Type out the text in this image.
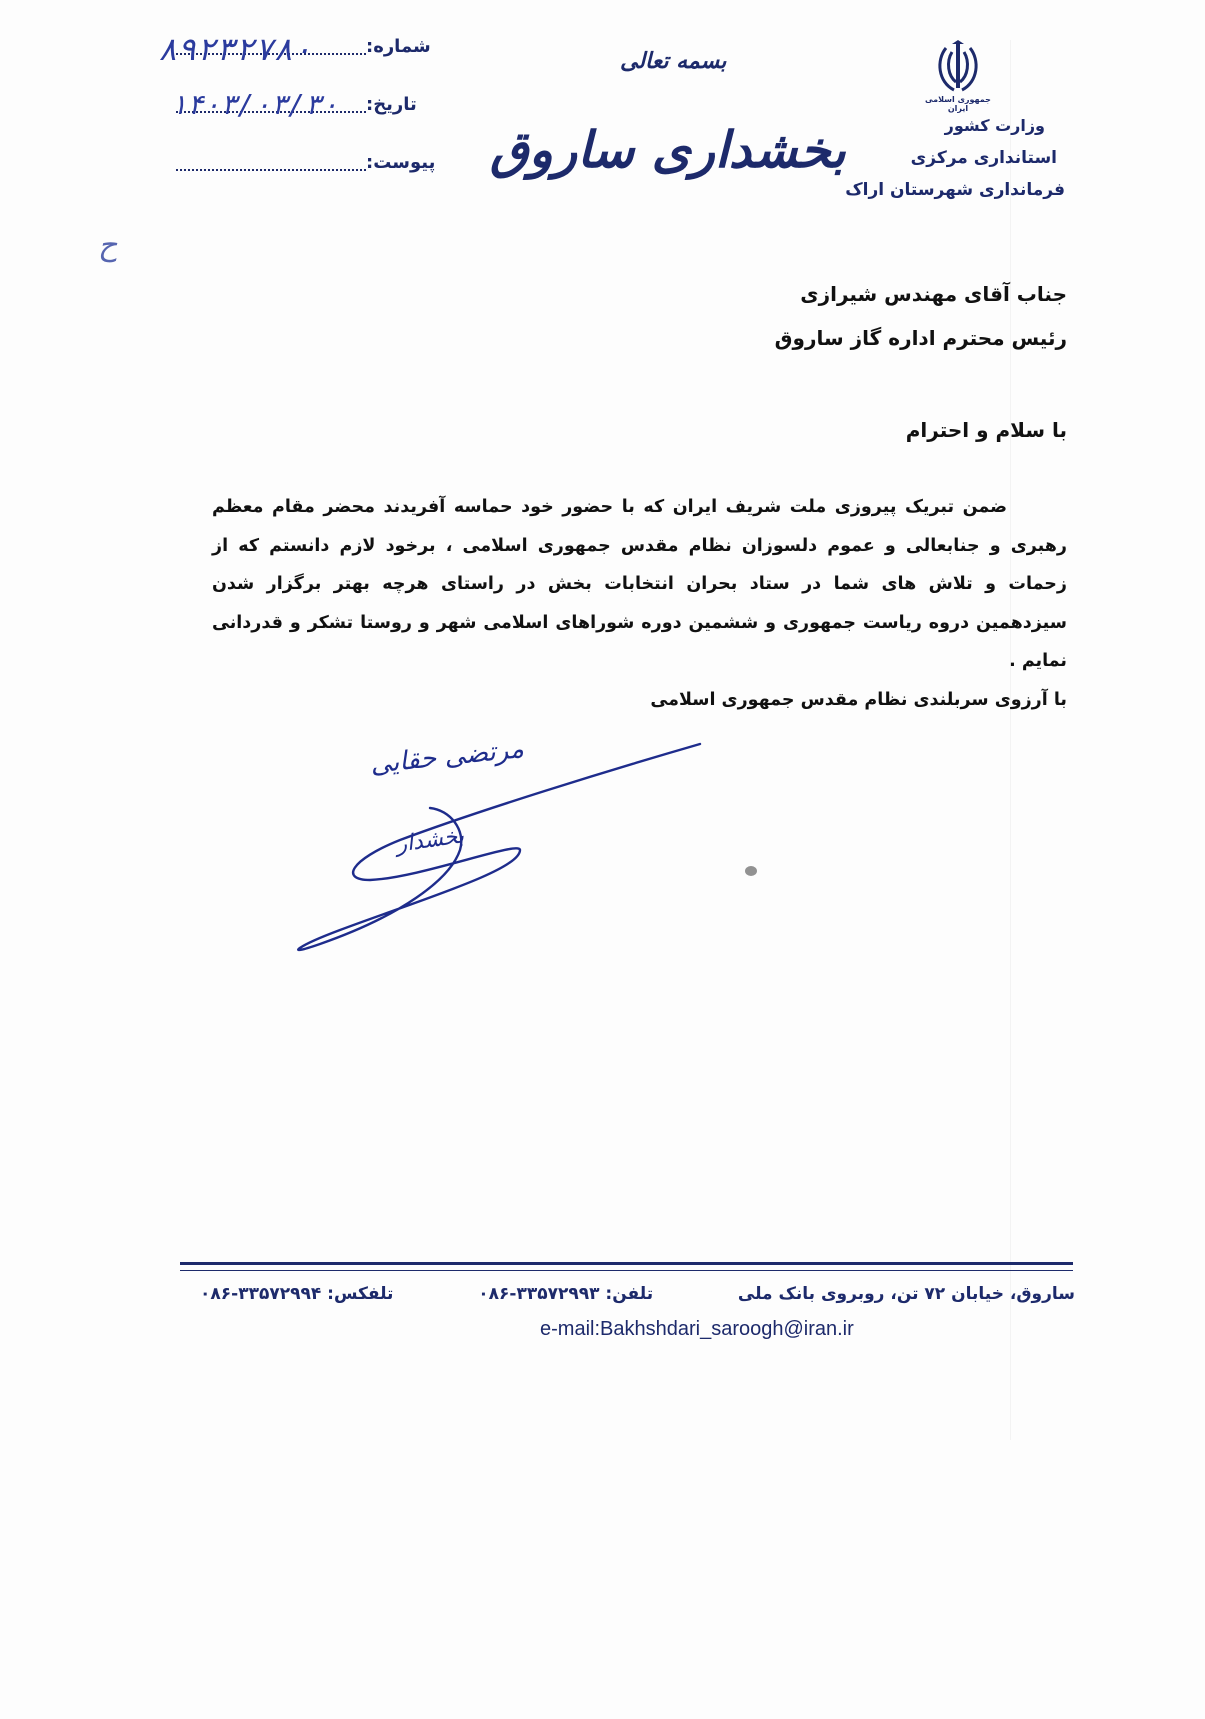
جمهوری اسلامی ایران
وزارت کشور
استانداری مرکزی
فرمانداری شهرستان اراک
بسمه تعالی
بخشداری ساروق
شماره:
۸۹۲۳۲۷۸۰
تاریخ:
۱۴۰۳/۰۳/۳۰
پیوست:
ح
جناب آقای مهندس شیرازی
رئیس محترم اداره گاز ساروق
با سلام و احترام

ضمن تبریک پیروزی ملت شریف ایران که با حضور خود حماسه آفریدند محضر مقام معظم رهبری و جنابعالی و عموم دلسوزان نظام مقدس جمهوری اسلامی ، برخود لازم دانستم که از زحمات و تلاش های شما در ستاد بحران انتخابات بخش در راستای هرچه بهتر برگزار شدن سیزدهمین دروه ریاست جمهوری و ششمین دوره شوراهای اسلامی شهر و روستا تشکر و قدردانی نمایم .

با آرزوی سربلندی نظام مقدس جمهوری اسلامی

مرتضی حقایی
بخشدار
ساروق، خیابان ۷۲ تن، روبروی بانک ملی
تلفن: ۳۳۵۷۲۹۹۳-۰۸۶
تلفکس: ۳۳۵۷۲۹۹۴-۰۸۶
e-mail:Bakhshdari_saroogh@iran.ir
